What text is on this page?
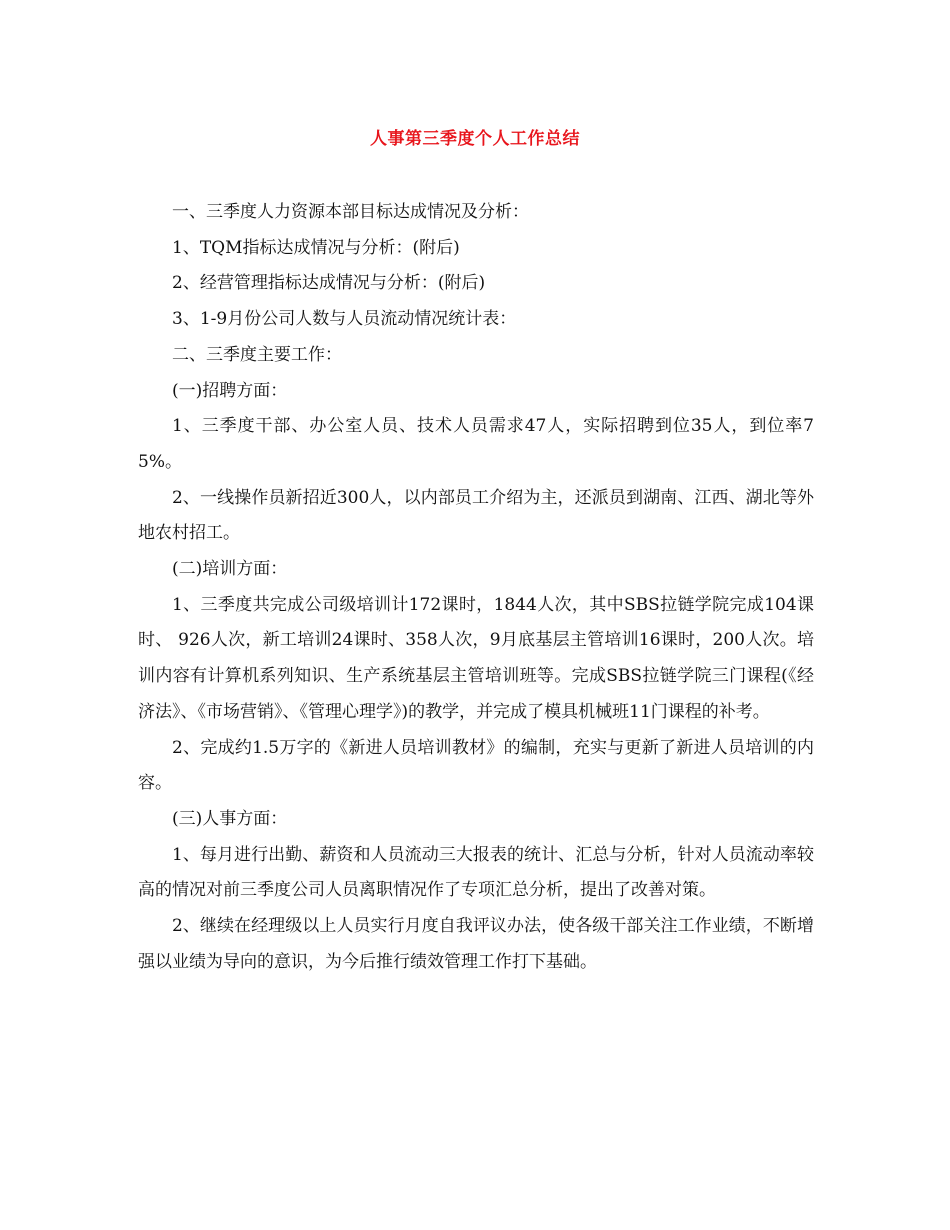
人事第三季度个人工作总结

一、三季度人力资源本部目标达成情况及分析：

1、TQM指标达成情况与分析：(附后)

2、经营管理指标达成情况与分析：(附后)

3、1-9月份公司人数与人员流动情况统计表：

二、三季度主要工作：

(一)招聘方面：

1、三季度干部、办公室人员、技术人员需求47人，实际招聘到位35人，到位率75%。

2、一线操作员新招近300人，以内部员工介绍为主，还派员到湖南、江西、湖北等外地农村招工。

(二)培训方面：

1、三季度共完成公司级培训计172课时，1844人次，其中SBS拉链学院完成104课时、 926人次，新工培训24课时、358人次，9月底基层主管培训16课时，200人次。培训内容有计算机系列知识、生产系统基层主管培训班等。完成SBS拉链学院三门课程(《经济法》、《市场营销》、《管理心理学》)的教学，并完成了模具机械班11门课程的补考。

2、完成约1.5万字的《新进人员培训教材》的编制，充实与更新了新进人员培训的内容。

(三)人事方面：

1、每月进行出勤、薪资和人员流动三大报表的统计、汇总与分析，针对人员流动率较高的情况对前三季度公司人员离职情况作了专项汇总分析，提出了改善对策。

2、继续在经理级以上人员实行月度自我评议办法，使各级干部关注工作业绩，不断增强以业绩为导向的意识，为今后推行绩效管理工作打下基础。
